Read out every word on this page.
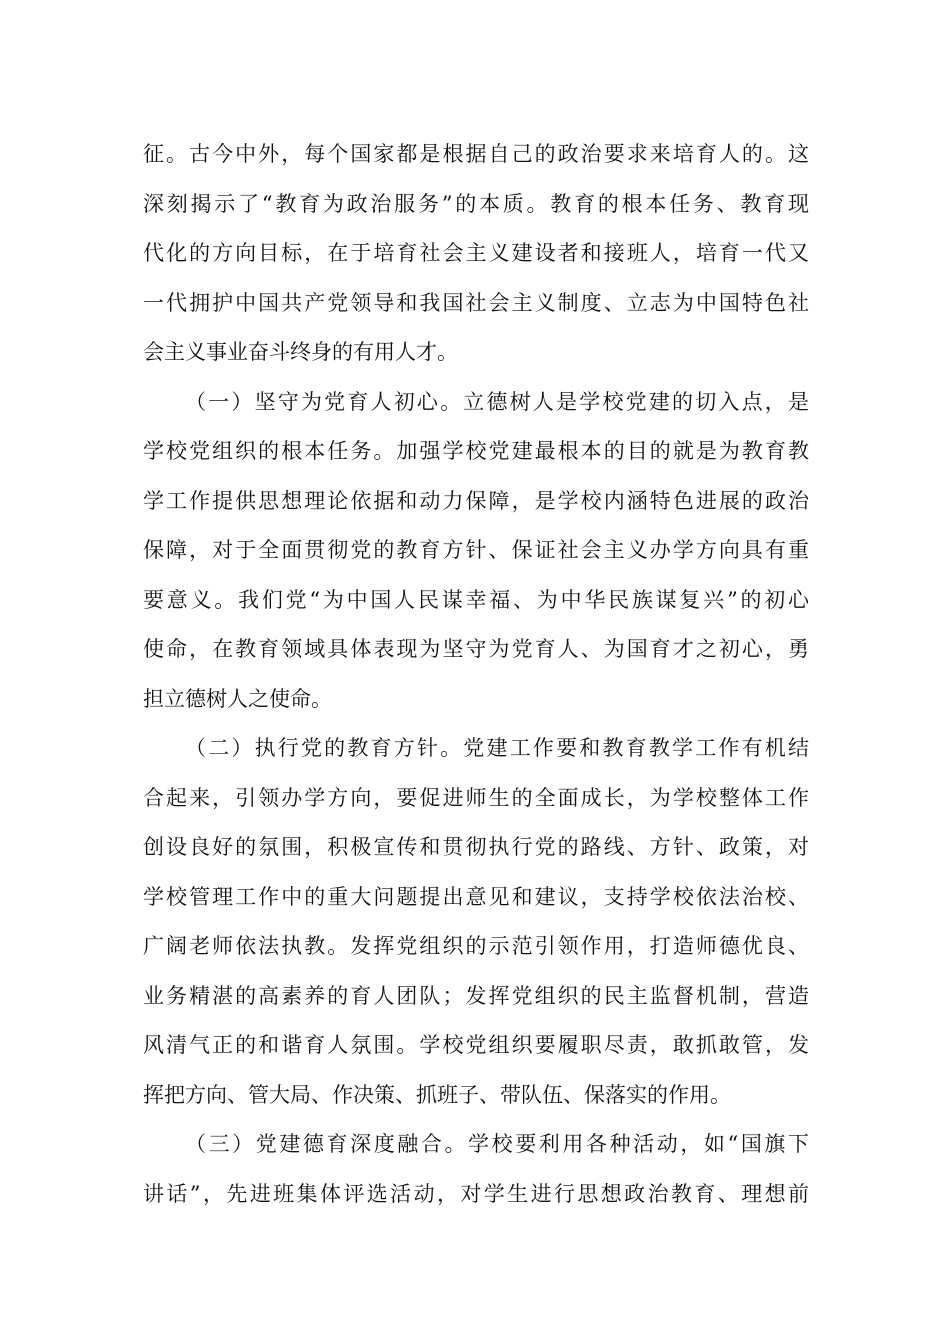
征。古今中外，每个国家都是根据自己的政治要求来培育人的。这
深刻揭示了“教育为政治服务”的本质。教育的根本任务、教育现
代化的方向目标，在于培育社会主义建设者和接班人，培育一代又
一代拥护中国共产党领导和我国社会主义制度、立志为中国特色社
会主义事业奋斗终身的有用人才。
（一）坚守为党育人初心。立德树人是学校党建的切入点，是
学校党组织的根本任务。加强学校党建最根本的目的就是为教育教
学工作提供思想理论依据和动力保障，是学校内涵特色进展的政治
保障，对于全面贯彻党的教育方针、保证社会主义办学方向具有重
要意义。我们党“为中国人民谋幸福、为中华民族谋复兴”的初心
使命，在教育领域具体表现为坚守为党育人、为国育才之初心，勇
担立德树人之使命。
（二）执行党的教育方针。党建工作要和教育教学工作有机结
合起来，引领办学方向，要促进师生的全面成长，为学校整体工作
创设良好的氛围，积极宣传和贯彻执行党的路线、方针、政策，对
学校管理工作中的重大问题提出意见和建议，支持学校依法治校、
广阔老师依法执教。发挥党组织的示范引领作用，打造师德优良、
业务精湛的高素养的育人团队；发挥党组织的民主监督机制，营造
风清气正的和谐育人氛围。学校党组织要履职尽责，敢抓敢管，发
挥把方向、管大局、作决策、抓班子、带队伍、保落实的作用。
（三）党建德育深度融合。学校要利用各种活动，如“国旗下
讲话”，先进班集体评选活动，对学生进行思想政治教育、理想前
